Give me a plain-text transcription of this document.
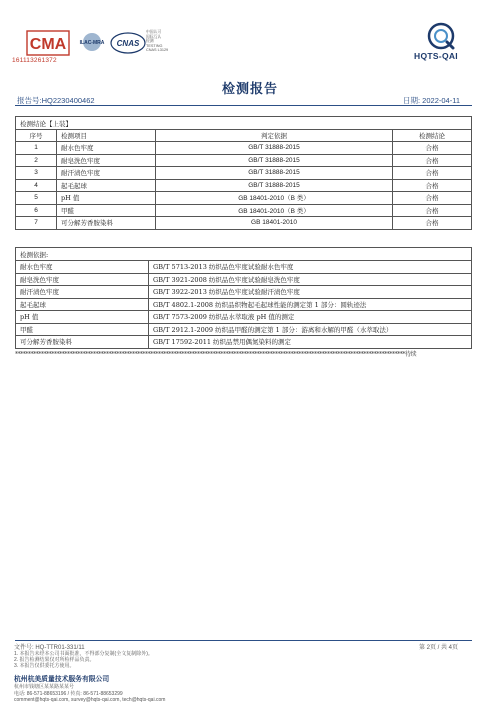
CMA
161113261372
ILAC-MRA CNAS
中国认可
国际互认
检测
TESTING
CNAS L3129
HQTS-QAI
检测报告
报告号:HQ2230400462	日期: 2022-04-11
检测结论【上装】			
序号	检测项目	判定依据	检测结论
1	耐水色牢度	GB/T 31888-2015	合格
2	耐皂洗色牢度	GB/T 31888-2015	合格
3	耐汗渍色牢度	GB/T 31888-2015	合格
4	起毛起球	GB/T 31888-2015	合格
5	pH 值	GB 18401-2010（B 类）	合格
6	甲醛	GB 18401-2010（B 类）	合格
7	可分解芳香胺染料	GB 18401-2010	合格
检测依据:	
耐水色牢度	GB/T 5713-2013 纺织品色牢度试验耐水色牢度
耐皂洗色牢度	GB/T 3921-2008 纺织品色牢度试验耐皂洗色牢度
耐汗渍色牢度	GB/T 3922-2013 纺织品色牢度试验耐汗渍色牢度
起毛起球	GB/T 4802.1-2008 纺织品织物起毛起球性能的测定第 1 部分：圆轨迹法
pH 值	GB/T 7573-2009 纺织品水萃取液 pH 值的测定
甲醛	GB/T 2912.1-2009 纺织品甲醛的测定第 1 部分：游离和水解的甲醛（水萃取法）
可分解芳香胺染料	GB/T 17592-2011 纺织品禁用偶氮染料的测定
******************************************************************************************************************************************************待续
文件号: HQ-TTR01-331/11	第 2页 / 共 4页
1. 本报告未经本公司书面批准，不得部分复制(全文复制除外)。
2. 报告检测结果仅对所检样品负责。
3. 本报告仅供委托方使用。
杭州杭美质量技术服务有限公司
杭州市钱塘区某某路某某号
电话: 86-571-88653196 / 传真: 86-571-88653299
comment@hqts-qai.com, survey@hqts-qai.com, tech@hqts-qai.com
